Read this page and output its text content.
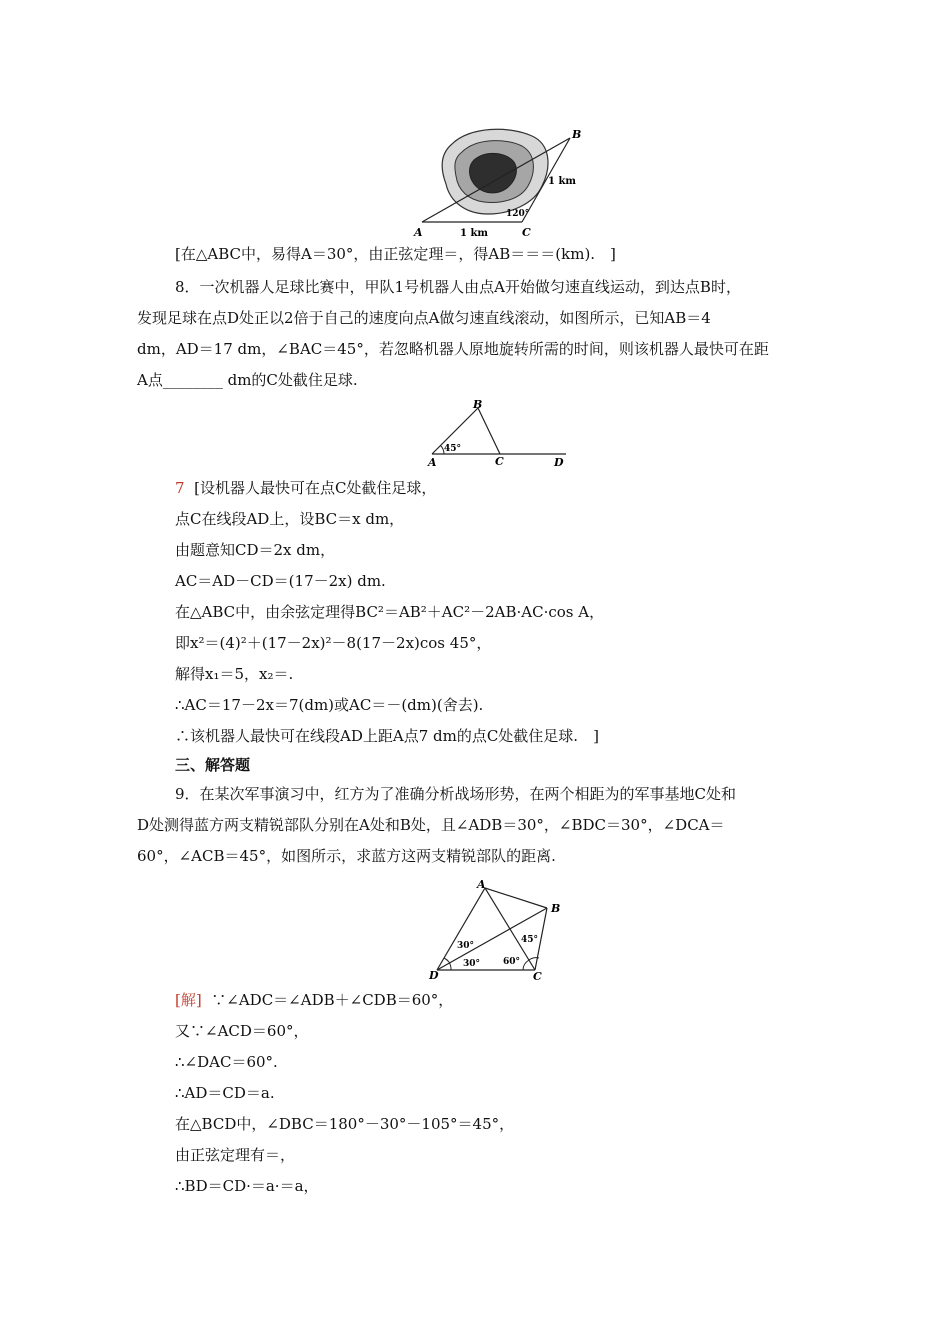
A	C
B
1 km
1 km
120°
[在△ABC中，易得A＝30°，由正弦定理＝，得AB＝＝＝(km).　]
8．一次机器人足球比赛中，甲队1号机器人由点A开始做匀速直线运动，到达点B时，
发现足球在点D处正以2倍于自己的速度向点A做匀速直线滚动，如图所示，已知AB＝4
dm，AD＝17 dm，∠BAC＝45°，若忽略机器人原地旋转所需的时间，则该机器人最快可在距
A点________ dm的C处截住足球.
B
A	C	D
45°
7 [设机器人最快可在点C处截住足球，
点C在线段AD上，设BC＝x dm，
由题意知CD＝2x dm，
AC＝AD－CD＝(17－2x) dm.
在△ABC中，由余弦定理得BC²＝AB²＋AC²－2AB·AC·cos A，
即x²＝(4)²＋(17－2x)²－8(17－2x)cos 45°，
解得x₁＝5，x₂＝.
∴AC＝17－2x＝7(dm)或AC＝－(dm)(舍去).
∴该机器人最快可在线段AD上距A点7 dm的点C处截住足球.　]
三、解答题
9．在某次军事演习中，红方为了准确分析战场形势，在两个相距为的军事基地C处和
D处测得蓝方两支精锐部队分别在A处和B处，且∠ADB＝30°，∠BDC＝30°，∠DCA＝
60°，∠ACB＝45°，如图所示，求蓝方这两支精锐部队的距离.
A
B
C
D
30°
30°	60°
45°
[解] ∵∠ADC＝∠ADB＋∠CDB＝60°，
又∵∠ACD＝60°，
∴∠DAC＝60°.
∴AD＝CD＝a.
在△BCD中，∠DBC＝180°－30°－105°＝45°，
由正弦定理有＝，
∴BD＝CD·＝a·＝a，
